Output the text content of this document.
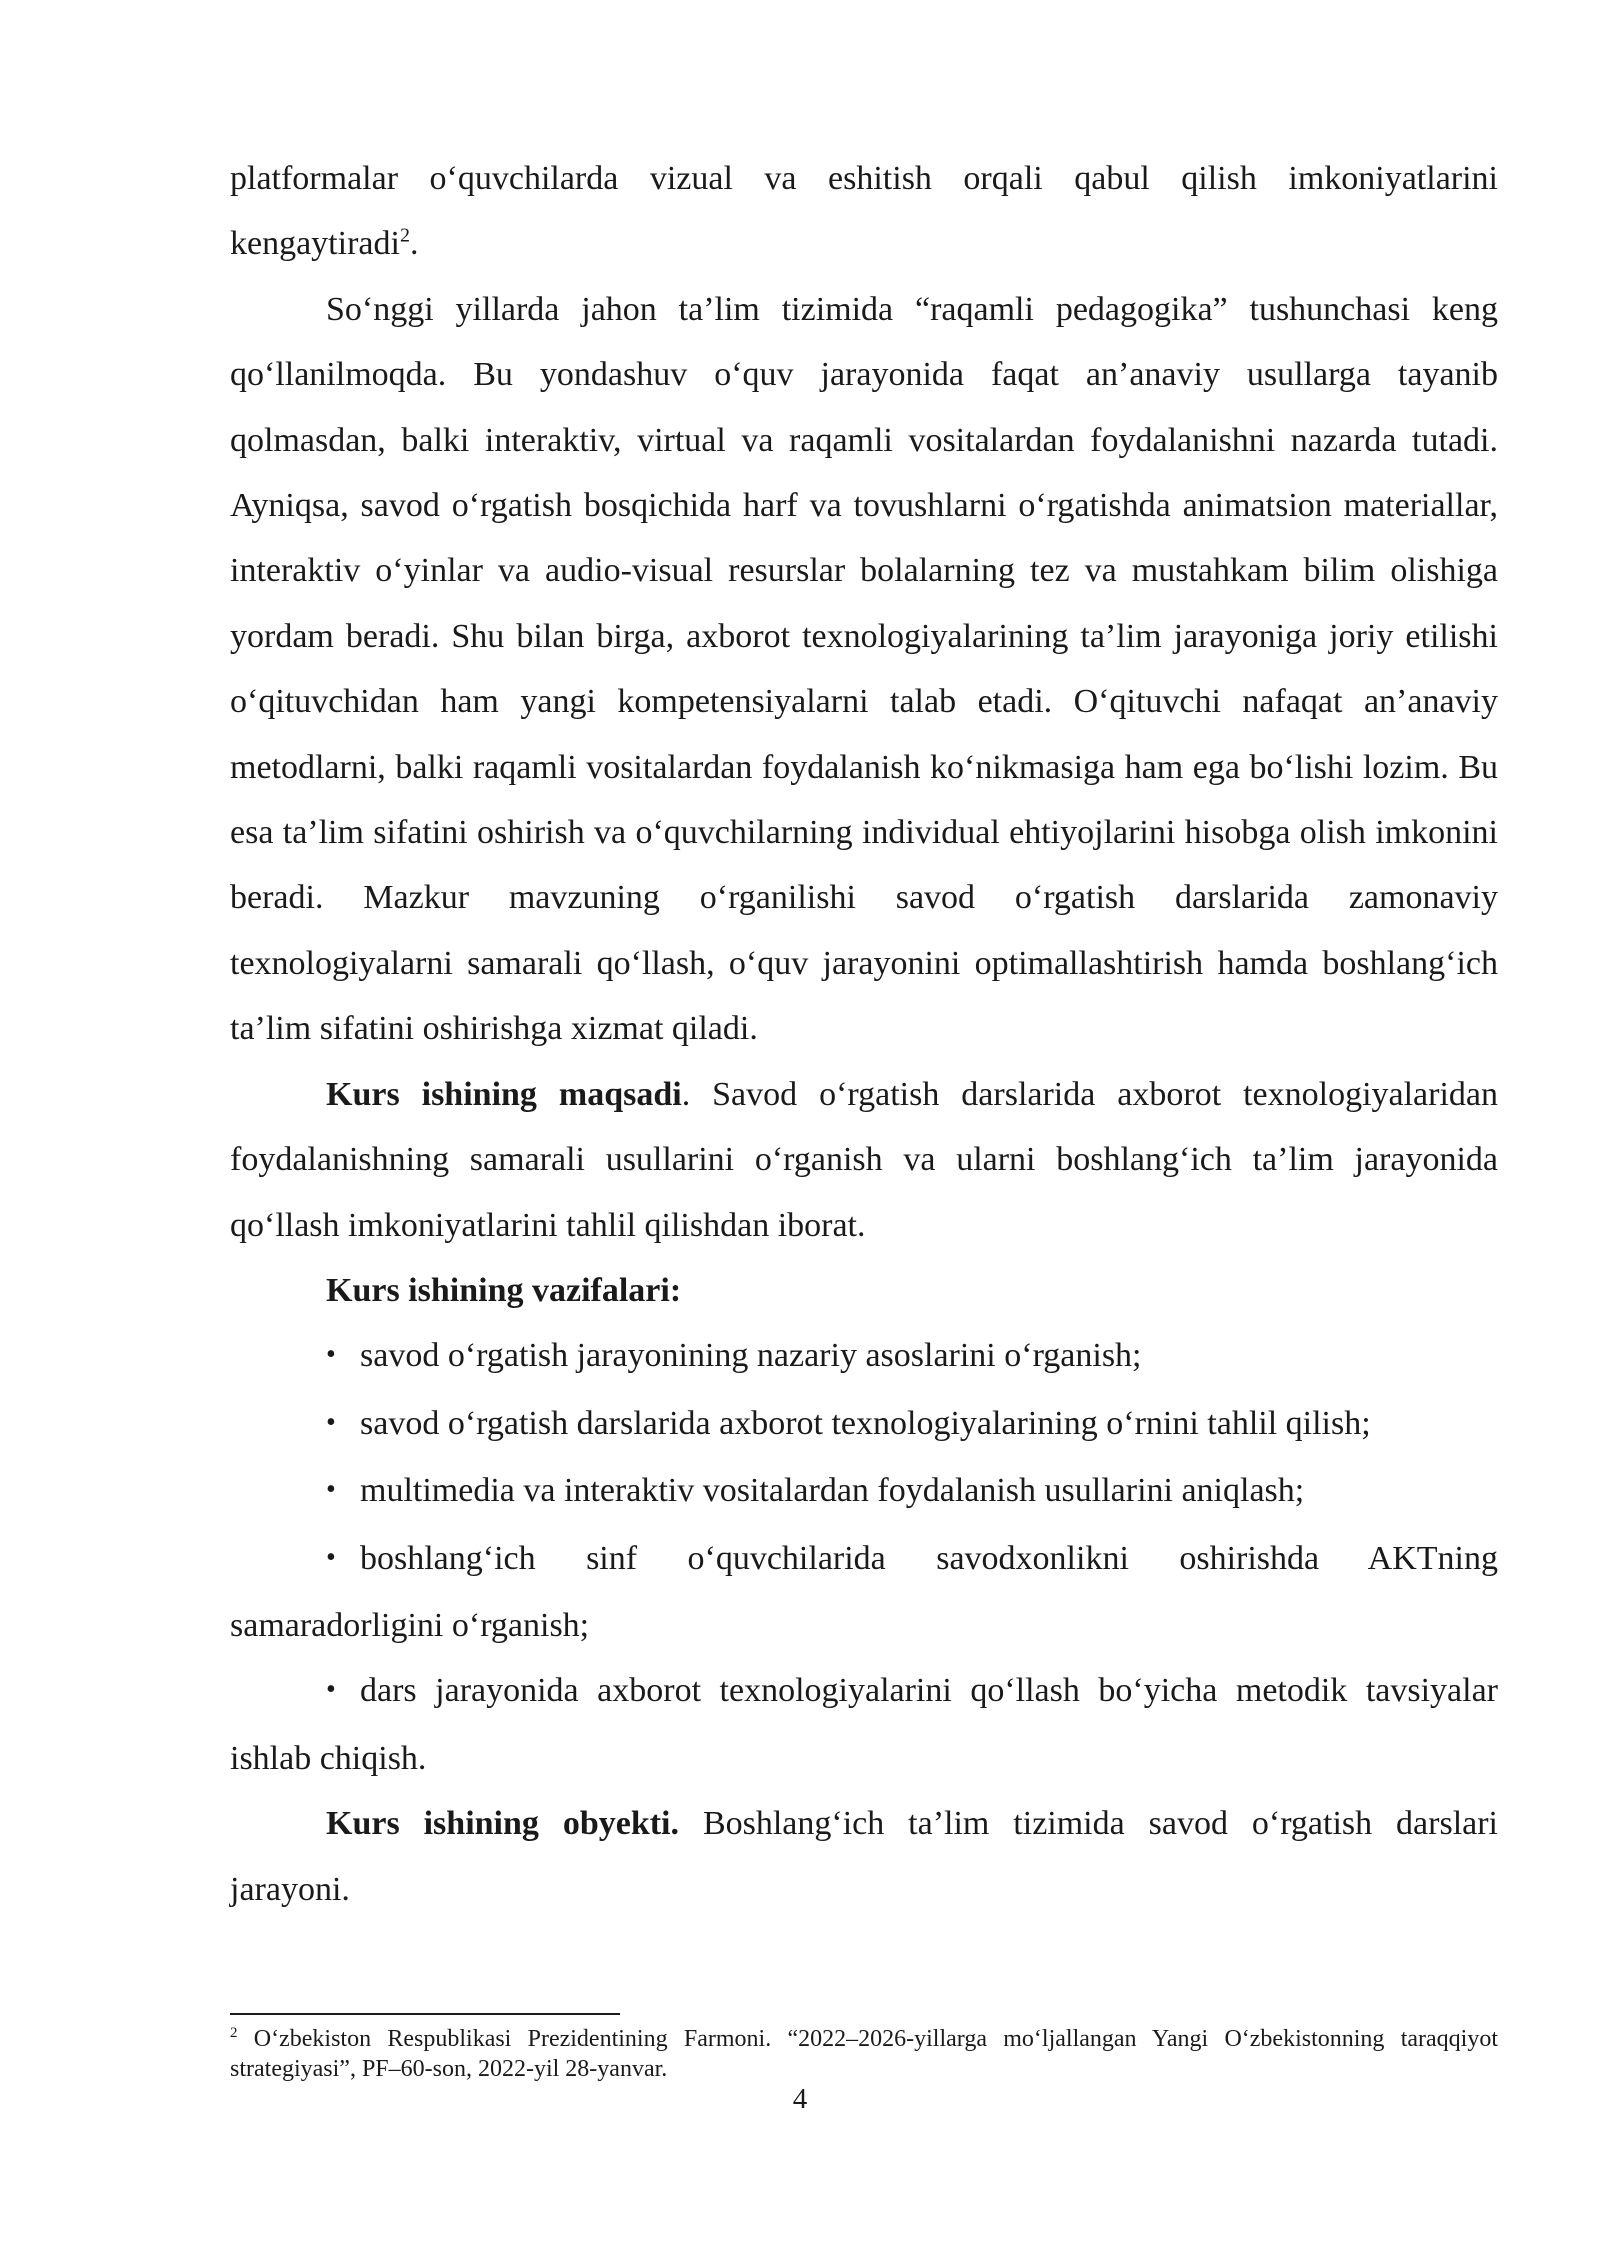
platformalar o‘quvchilarda vizual va eshitish orqali qabul qilish imkoniyatlarini kengaytiradi$^2$.

So‘nggi yillarda jahon ta’lim tizimida “raqamli pedagogika” tushunchasi keng qo‘llanilmoqda. Bu yondashuv o‘quv jarayonida faqat an’anaviy usullarga tayanib qolmasdan, balki interaktiv, virtual va raqamli vositalardan foydalanishni nazarda tutadi. Ayniqsa, savod o‘rgatish bosqichida harf va tovushlarni o‘rgatishda animatsion materiallar, interaktiv o‘yinlar va audio-visual resurslar bolalarning tez va mustahkam bilim olishiga yordam beradi. Shu bilan birga, axborot texnologiyalarining ta’lim jarayoniga joriy etilishi o‘qituvchidan ham yangi kompetensiyalarni talab etadi. O‘qituvchi nafaqat an’anaviy metodlarni, balki raqamli vositalardan foydalanish ko‘nikmasiga ham ega bo‘lishi lozim. Bu esa ta’lim sifatini oshirish va o‘quvchilarning individual ehtiyojlarini hisobga olish imkonini beradi. Mazkur mavzuning o‘rganilishi savod o‘rgatish darslarida zamonaviy texnologiyalarni samarali qo‘llash, o‘quv jarayonini optimallashtirish hamda boshlang‘ich ta’lim sifatini oshirishga xizmat qiladi.

Kurs ishining maqsadi. Savod o‘rgatish darslarida axborot texnologiyalaridan foydalanishning samarali usullarini o‘rganish va ularni boshlang‘ich ta’lim jarayonida qo‘llash imkoniyatlarini tahlil qilishdan iborat.

Kurs ishining vazifalari:

•savod o‘rgatish jarayonining nazariy asoslarini o‘rganish;

•savod o‘rgatish darslarida axborot texnologiyalarining o‘rnini tahlil qilish;

•multimedia va interaktiv vositalardan foydalanish usullarini aniqlash;

•boshlang‘ich sinf o‘quvchilarida savodxonlikni oshirishda AKTning samaradorligini o‘rganish;

•dars jarayonida axborot texnologiyalarini qo‘llash bo‘yicha metodik tavsiyalar ishlab chiqish.

Kurs ishining obyekti. Boshlang‘ich ta’lim tizimida savod o‘rgatish darslari jarayoni.

$^2$ O‘zbekiston Respublikasi Prezidentining Farmoni. “2022–2026-yillarga mo‘ljallangan Yangi O‘zbekistonning taraqqiyot strategiyasi”, PF–60-son, 2022-yil 28-yanvar.

4
